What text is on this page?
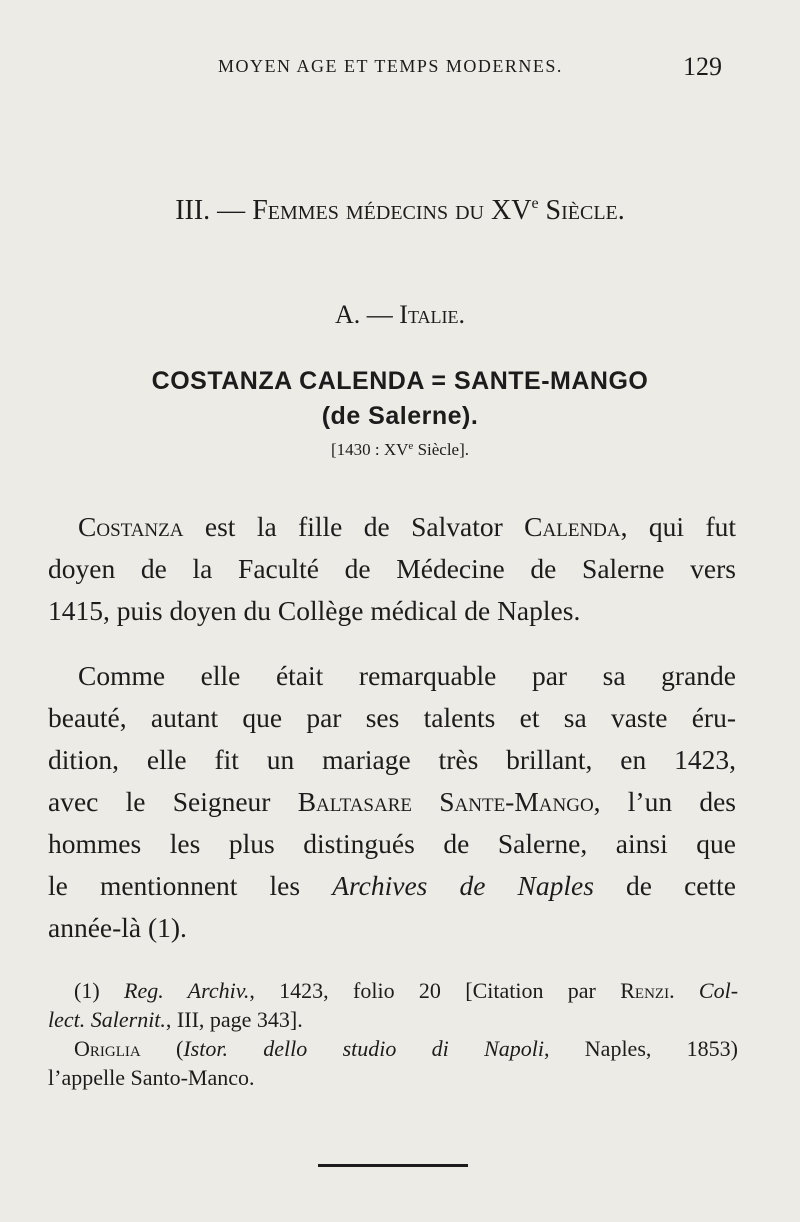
MOYEN AGE ET TEMPS MODERNES.	129
III. — Femmes médecins du XVe Siècle.
A. — Italie.
COSTANZA CALENDA = SANTE-MANGO
(de Salerne).
[1430 : XVe Siècle].
Costanza est la fille de Salvator Calenda, qui fut
doyen de la Faculté de Médecine de Salerne vers
1415, puis doyen du Collège médical de Naples.
Comme elle était remarquable par sa grande
beauté, autant que par ses talents et sa vaste éru-
dition, elle fit un mariage très brillant, en 1423,
avec le Seigneur Baltasare Sante-Mango, l’un des
hommes les plus distingués de Salerne, ainsi que
le mentionnent les Archives de Naples de cette
année-là (1).
(1) Reg. Archiv., 1423, folio 20 [Citation par Renzi. Col-
lect. Salernit., III, page 343].
Origlia (Istor. dello studio di Napoli, Naples, 1853)
l’appelle Santo-Manco.
